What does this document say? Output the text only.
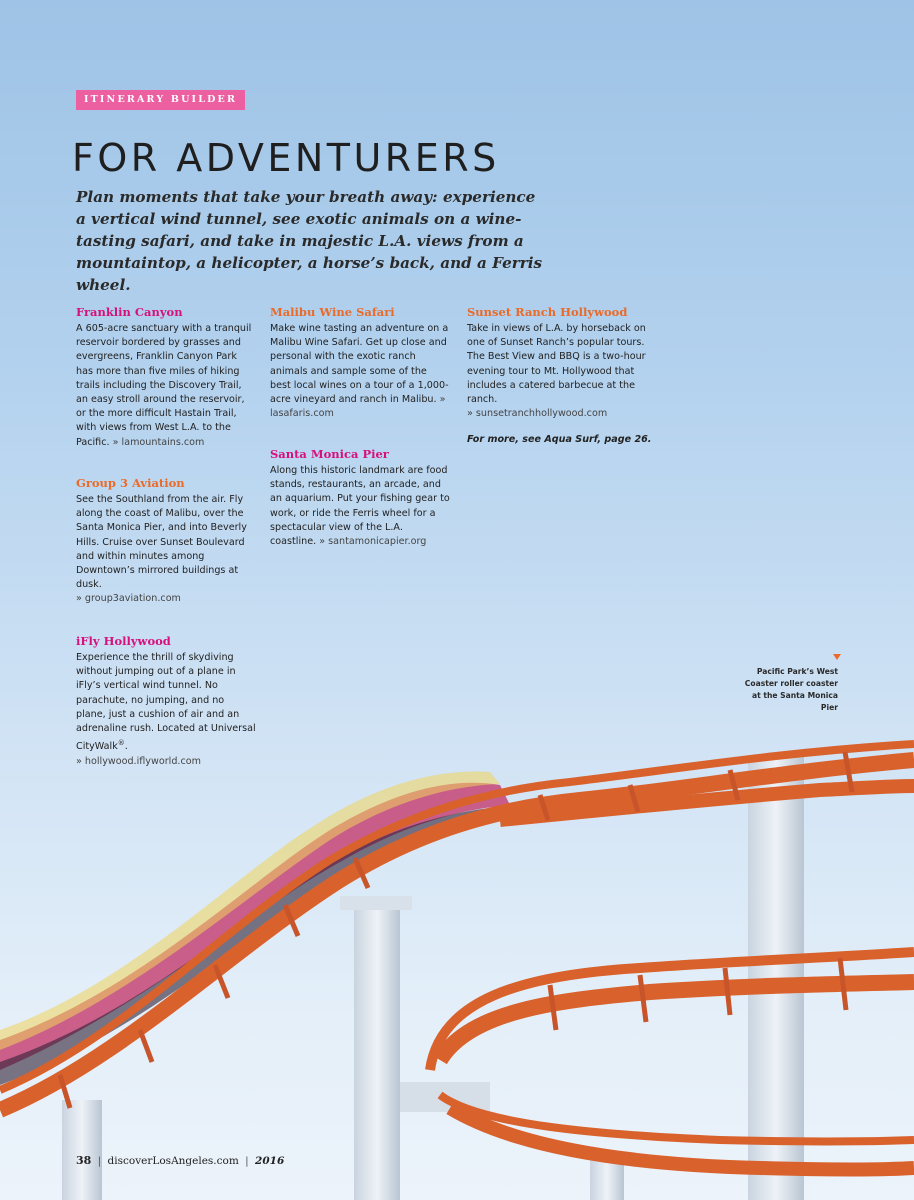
ITINERARY BUILDER
FOR ADVENTURERS

Plan moments that take your breath away: experience a vertical wind tunnel, see exotic animals on a wine-tasting safari, and take in majestic L.A. views from a mountaintop, a helicopter, a horse’s back, and a Ferris wheel.

Franklin Canyon

A 605-acre sanctuary with a tranquil reservoir bordered by grasses and evergreens, Franklin Canyon Park has more than five miles of hiking trails including the Discovery Trail, an easy stroll around the reservoir, or the more difficult Hastain Trail, with views from West L.A. to the Pacific. » lamountains.com

Group 3 Aviation

See the Southland from the air. Fly along the coast of Malibu, over the Santa Monica Pier, and into Beverly Hills. Cruise over Sunset Boulevard and within minutes among Downtown’s mirrored buildings at dusk.

» group3aviation.com
iFly Hollywood

Experience the thrill of skydiving without jumping out of a plane in iFly’s vertical wind tunnel. No parachute, no jumping, and no plane, just a cushion of air and an adrenaline rush. Located at Universal CityWalk®.

» hollywood.iflyworld.com
Malibu Wine Safari

Make wine tasting an adventure on a Malibu Wine Safari. Get up close and personal with the exotic ranch animals and sample some of the best local wines on a tour of a 1,000-acre vineyard and ranch in Malibu. » lasafaris.com

Santa Monica Pier

Along this historic landmark are food stands, restaurants, an arcade, and an aquarium. Put your fishing gear to work, or ride the Ferris wheel for a spectacular view of the L.A. coastline. » santamonicapier.org

Sunset Ranch Hollywood

Take in views of L.A. by horseback on one of Sunset Ranch’s popular tours. The Best View and BBQ is a two-hour evening tour to Mt. Hollywood that includes a catered barbecue at the ranch.

» sunsetranchhollywood.com

For more, see Aqua Surf, page 26.

Pacific Park’s West Coaster roller coaster at the Santa Monica Pier

38 | discoverLosAngeles.com | 2016
